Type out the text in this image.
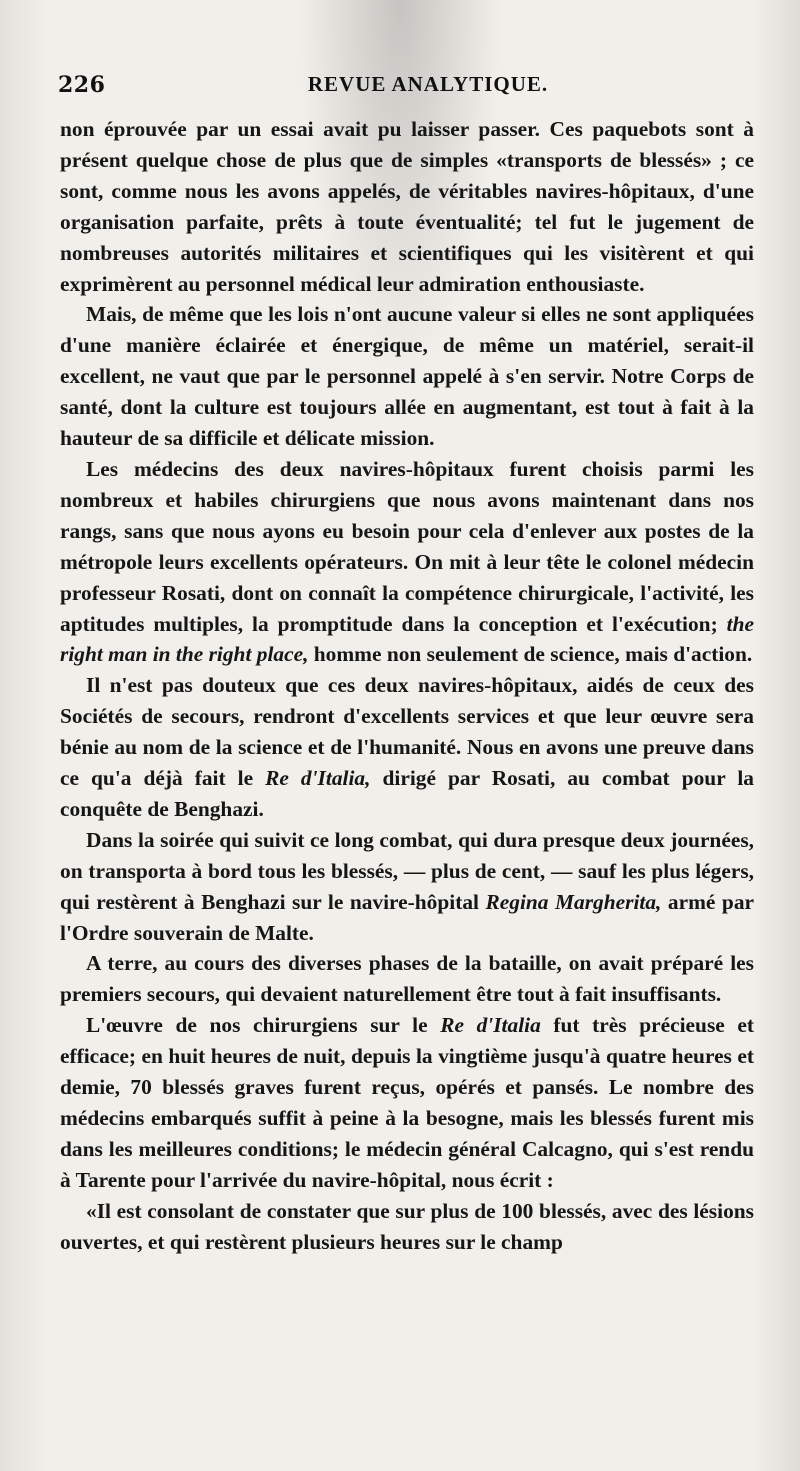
226	REVUE ANALYTIQUE.

non éprouvée par un essai avait pu laisser passer. Ces paquebots sont à présent quelque chose de plus que de simples «transports de blessés» ; ce sont, comme nous les avons appelés, de véritables navires-hôpitaux, d'une organisation parfaite, prêts à toute éventualité; tel fut le jugement de nombreuses autorités militaires et scientifiques qui les visitèrent et qui exprimèrent au personnel médical leur admiration enthousiaste.

Mais, de même que les lois n'ont aucune valeur si elles ne sont appliquées d'une manière éclairée et énergique, de même un matériel, serait-il excellent, ne vaut que par le personnel appelé à s'en servir. Notre Corps de santé, dont la culture est toujours allée en augmentant, est tout à fait à la hauteur de sa difficile et délicate mission.

Les médecins des deux navires-hôpitaux furent choisis parmi les nombreux et habiles chirurgiens que nous avons maintenant dans nos rangs, sans que nous ayons eu besoin pour cela d'enlever aux postes de la métropole leurs excellents opérateurs. On mit à leur tête le colonel médecin professeur Rosati, dont on connaît la compétence chirurgicale, l'activité, les aptitudes multiples, la promptitude dans la conception et l'exécution; the right man in the right place, homme non seulement de science, mais d'action.

Il n'est pas douteux que ces deux navires-hôpitaux, aidés de ceux des Sociétés de secours, rendront d'excellents services et que leur œuvre sera bénie au nom de la science et de l'humanité. Nous en avons une preuve dans ce qu'a déjà fait le Re d'Italia, dirigé par Rosati, au combat pour la conquête de Benghazi.

Dans la soirée qui suivit ce long combat, qui dura presque deux journées, on transporta à bord tous les blessés, — plus de cent, — sauf les plus légers, qui restèrent à Benghazi sur le navire-hôpital Regina Margherita, armé par l'Ordre souverain de Malte.

A terre, au cours des diverses phases de la bataille, on avait préparé les premiers secours, qui devaient naturellement être tout à fait insuffisants.

L'œuvre de nos chirurgiens sur le Re d'Italia fut très précieuse et efficace; en huit heures de nuit, depuis la vingtième jusqu'à quatre heures et demie, 70 blessés graves furent reçus, opérés et pansés. Le nombre des médecins embarqués suffit à peine à la besogne, mais les blessés furent mis dans les meilleures conditions; le médecin général Calcagno, qui s'est rendu à Tarente pour l'arrivée du navire-hôpital, nous écrit :

«Il est consolant de constater que sur plus de 100 blessés, avec des lésions ouvertes, et qui restèrent plusieurs heures sur le champ
